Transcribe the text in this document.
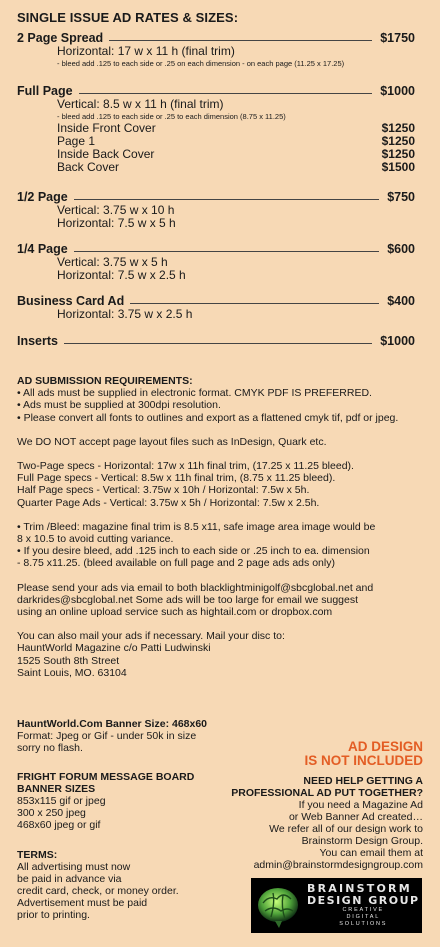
SINGLE ISSUE AD RATES & SIZES:
2 Page Spread	$1750
Horizontal: 17 w x 11 h (final trim)
- bleed add .125 to each side or .25 on each dimension - on each page (11.25 x 17.25)
Full Page	$1000
Vertical: 8.5 w x 11 h (final trim)
- bleed add .125 to each side or .25 to each dimension (8.75 x 11.25)
Inside Front Cover	$1250
Page 1	$1250
Inside Back Cover	$1250
Back Cover	$1500
1/2 Page	$750
Vertical: 3.75 w x 10 h
Horizontal: 7.5 w x 5 h
1/4 Page	$600
Vertical: 3.75 w x 5 h
Horizontal: 7.5 w x 2.5 h
Business Card Ad	$400
Horizontal: 3.75 w x 2.5 h
Inserts	$1000

AD SUBMISSION REQUIREMENTS:

• All ads must be supplied in electronic format. CMYK PDF IS PREFERRED.

• Ads must be supplied at 300dpi resolution.

• Please convert all fonts to outlines and export as a flattened cmyk tif, pdf or jpeg.

We DO NOT accept page layout files such as InDesign, Quark etc.

Two-Page specs - Horizontal: 17w x 11h final trim, (17.25 x 11.25 bleed).

Full Page specs - Vertical: 8.5w x 11h final trim, (8.75 x 11.25 bleed).

Half Page specs - Vertical: 3.75w x 10h / Horizontal: 7.5w x 5h.

Quarter Page Ads - Vertical: 3.75w x 5h / Horizontal: 7.5w x 2.5h.

• Trim /Bleed: magazine final trim is 8.5 x11, safe image area image would be

8 x 10.5 to avoid cutting variance.

• If you desire bleed, add .125 inch to each side or .25 inch to ea. dimension

- 8.75 x11.25. (bleed available on full page and 2 page ads ads only)

Please send your ads via email to both blacklightminigolf@sbcglobal.net and

darkrides@sbcglobal.net Some ads will be too large for email we suggest

using an online upload service such as hightail.com or dropbox.com

You can also mail your ads if necessary. Mail your disc to:

HauntWorld Magazine c/o Patti Ludwinski

1525 South 8th Street

Saint Louis, MO. 63104

HauntWorld.Com Banner Size: 468x60
Format: Jpeg or Gif - under 50k in size
sorry no flash.
FRIGHT FORUM MESSAGE BOARD
BANNER SIZES
853x115 gif or jpeg
300 x 250 jpeg
468x60 jpeg or gif
TERMS:
All advertising must now
be paid in advance via
credit card, check, or money order.
Advertisement must be paid
prior to printing.
AD DESIGN
IS NOT INCLUDED
NEED HELP GETTING A
PROFESSIONAL AD PUT TOGETHER?
If you need a Magazine Ad
or Web Banner Ad created…
We refer all of our design work to
Brainstorm Design Group.
You can email them at
admin@brainstormdesigngroup.com
BRAINSTORM
DESIGN GROUP
CREATIVE
DIGITAL
SOLUTIONS
